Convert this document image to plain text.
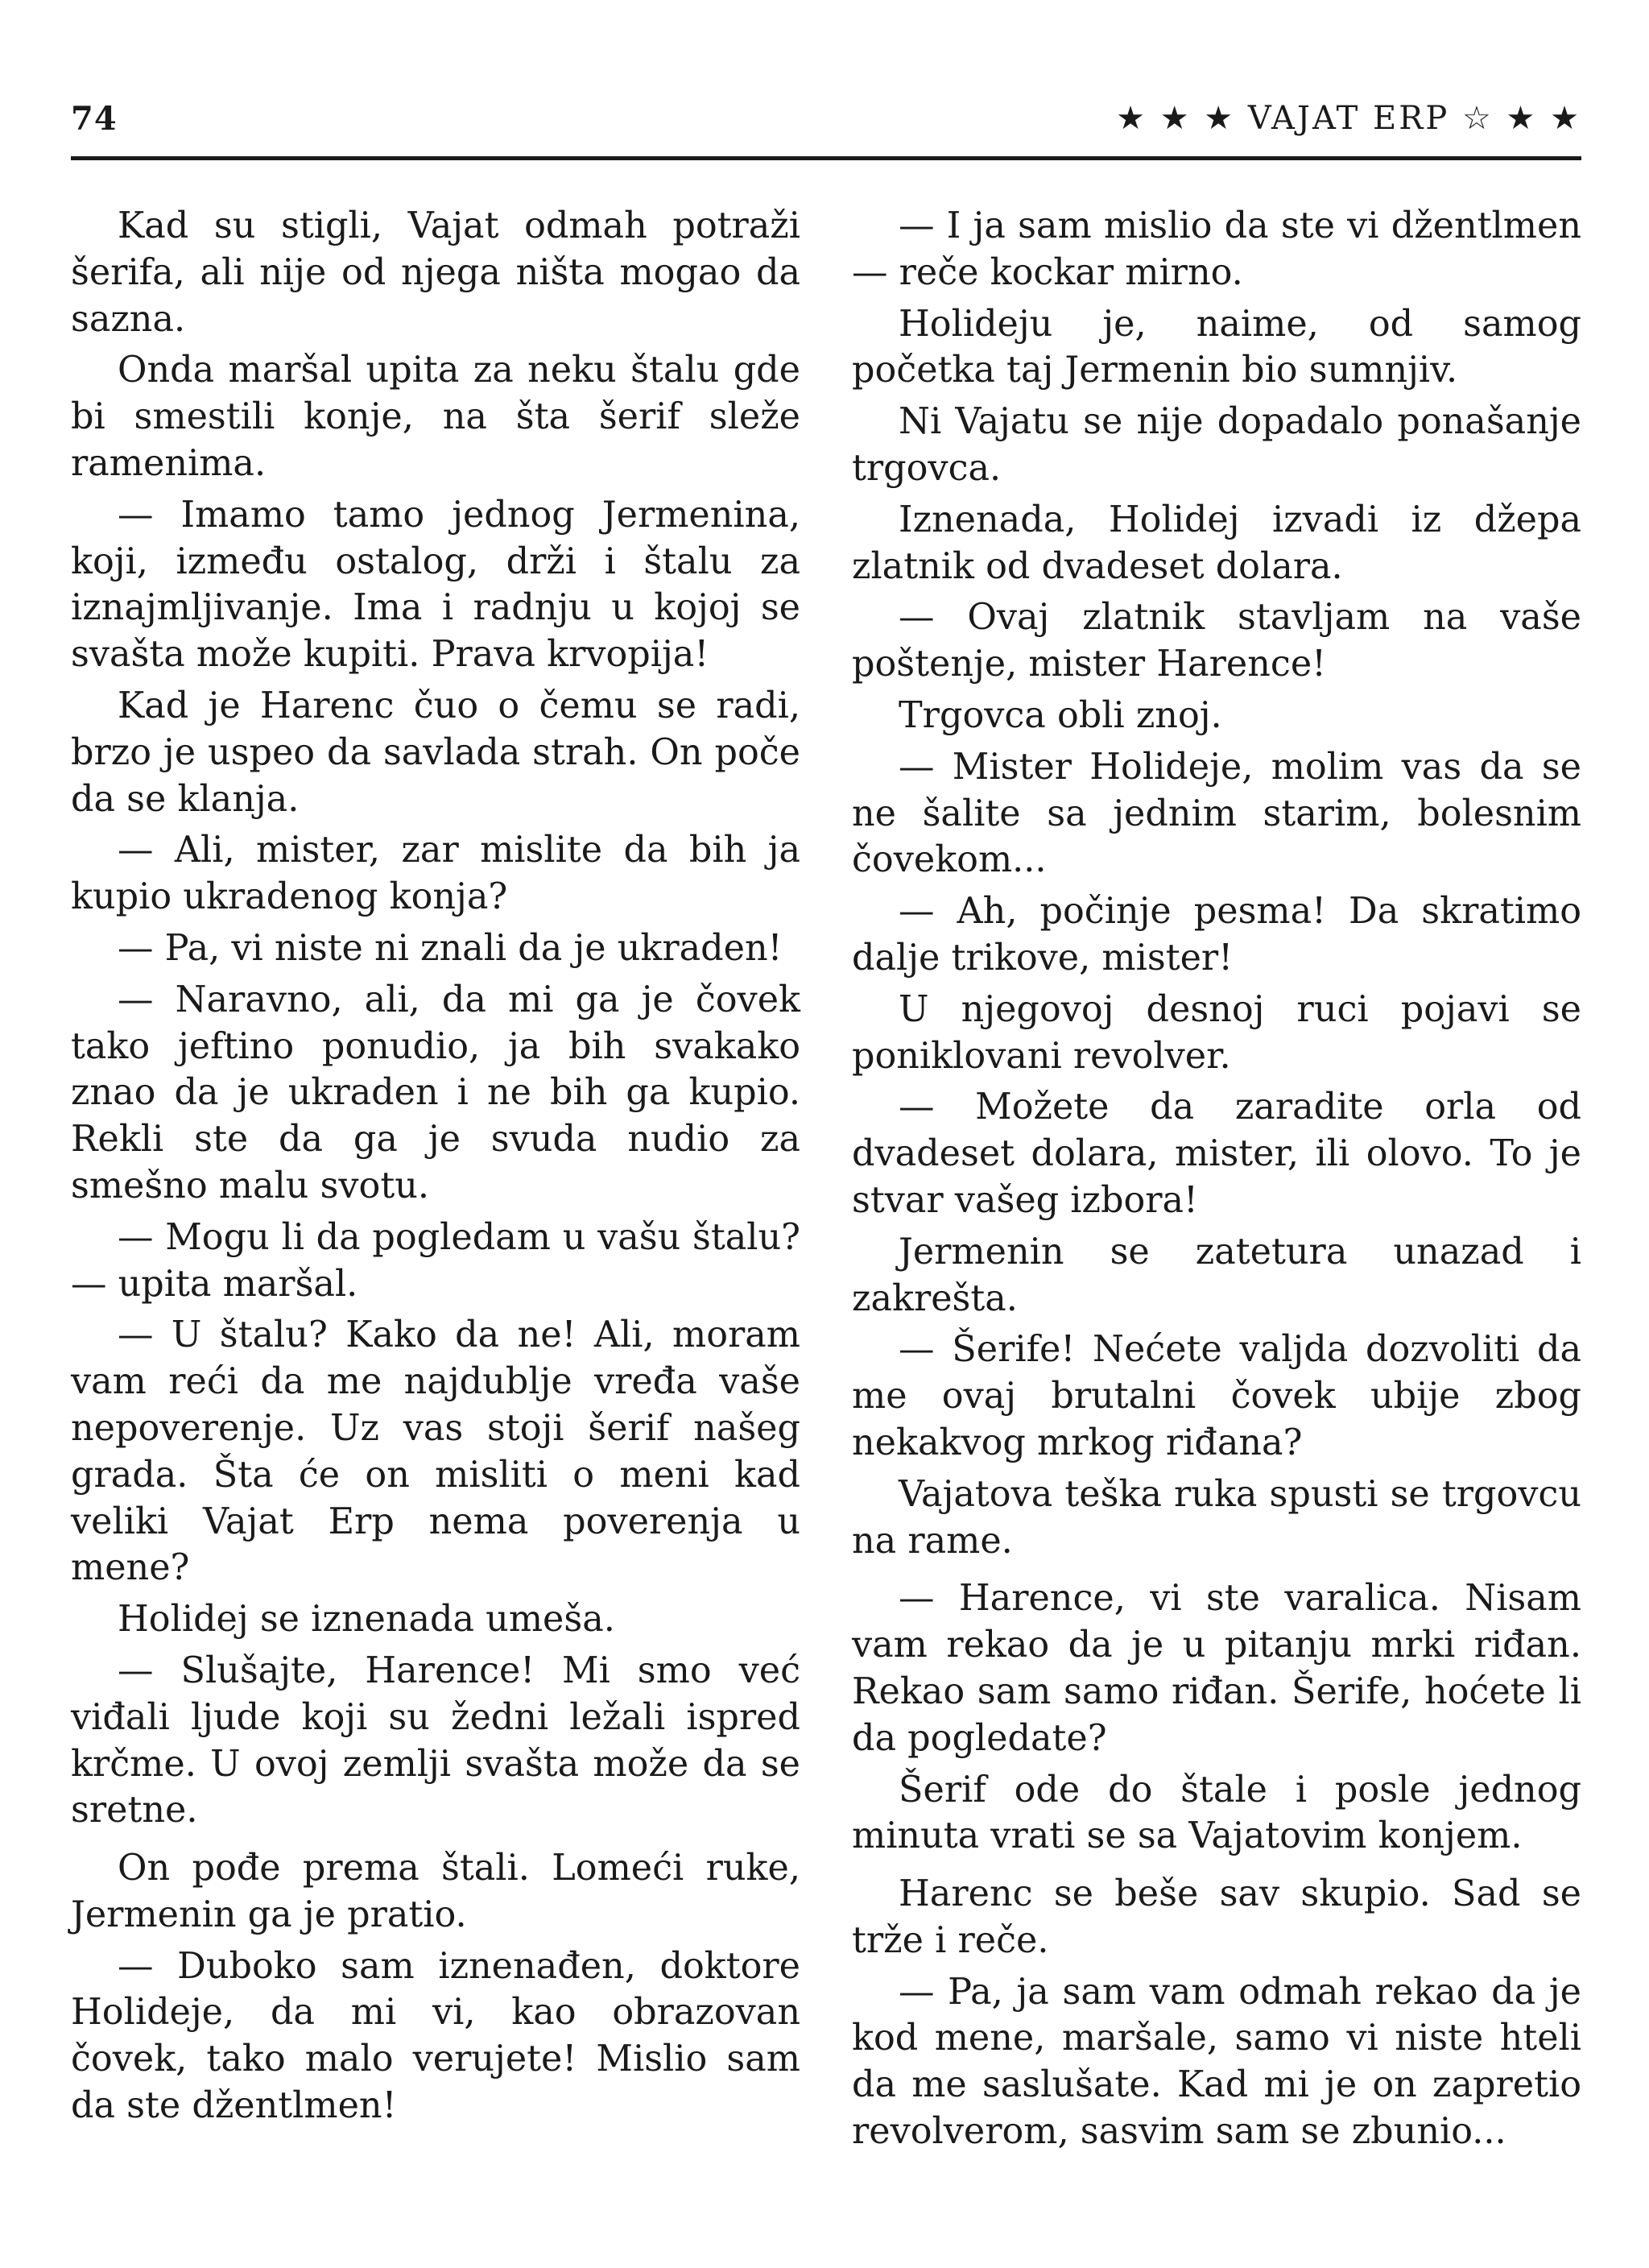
74	★ ★ ★ VAJAT ERP ☆ ★ ★

Kad su stigli, Vajat odmah potraži šerifa, ali nije od njega ništa mogao da sazna.

Onda maršal upita za neku štalu gde bi smestili konje, na šta šerif sleže ramenima.

— Imamo tamo jednog Jermenina, koji, između ostalog, drži i štalu za iznajmljivanje. Ima i radnju u kojoj se svašta može kupiti. Prava krvopija!

Kad je Harenc čuo o čemu se radi, brzo je uspeo da savlada strah. On poče da se klanja.

— Ali, mister, zar mislite da bih ja kupio ukradenog konja?

— Pa, vi niste ni znali da je ukraden!

— Naravno, ali, da mi ga je čovek tako jeftino ponudio, ja bih svakako znao da je ukraden i ne bih ga kupio. Rekli ste da ga je svuda nudio za smešno malu svotu.

— Mogu li da pogledam u vašu štalu? — upita maršal.

— U štalu? Kako da ne! Ali, moram vam reći da me najdublje vređa vaše nepoverenje. Uz vas stoji šerif našeg grada. Šta će on misliti o meni kad veliki Vajat Erp nema poverenja u mene?

Holidej se iznenada umeša.

— Slušajte, Harence! Mi smo već viđali ljude koji su žedni ležali ispred krčme. U ovoj zemlji svašta može da se sretne.

On pođe prema štali. Lomeći ruke, Jermenin ga je pratio.

— Duboko sam iznenađen, doktore Holideje, da mi vi, kao obrazovan čovek, tako malo verujete! Mislio sam da ste džentlmen!

— I ja sam mislio da ste vi džentlmen — reče kockar mirno.

Holideju je, naime, od samog početka taj Jermenin bio sumnjiv.

Ni Vajatu se nije dopadalo ponašanje trgovca.

Iznenada, Holidej izvadi iz džepa zlatnik od dvadeset dolara.

— Ovaj zlatnik stavljam na vaše poštenje, mister Harence!

Trgovca obli znoj.

— Mister Holideje, molim vas da se ne šalite sa jednim starim, bolesnim čovekom...

— Ah, počinje pesma! Da skratimo dalje trikove, mister!

U njegovoj desnoj ruci pojavi se poniklovani revolver.

— Možete da zaradite orla od dvadeset dolara, mister, ili olovo. To je stvar vašeg izbora!

Jermenin se zatetura unazad i zakrešta.

— Šerife! Nećete valjda dozvoliti da me ovaj brutalni čovek ubije zbog nekakvog mrkog riđana?

Vajatova teška ruka spusti se trgovcu na rame.

— Harence, vi ste varalica. Nisam vam rekao da je u pitanju mrki riđan. Rekao sam samo riđan. Šerife, hoćete li da pogledate?

Šerif ode do štale i posle jednog minuta vrati se sa Vajatovim konjem.

Harenc se beše sav skupio. Sad se trže i reče.

— Pa, ja sam vam odmah rekao da je kod mene, maršale, samo vi niste hteli da me saslušate. Kad mi je on zapretio revolverom, sasvim sam se zbunio...
